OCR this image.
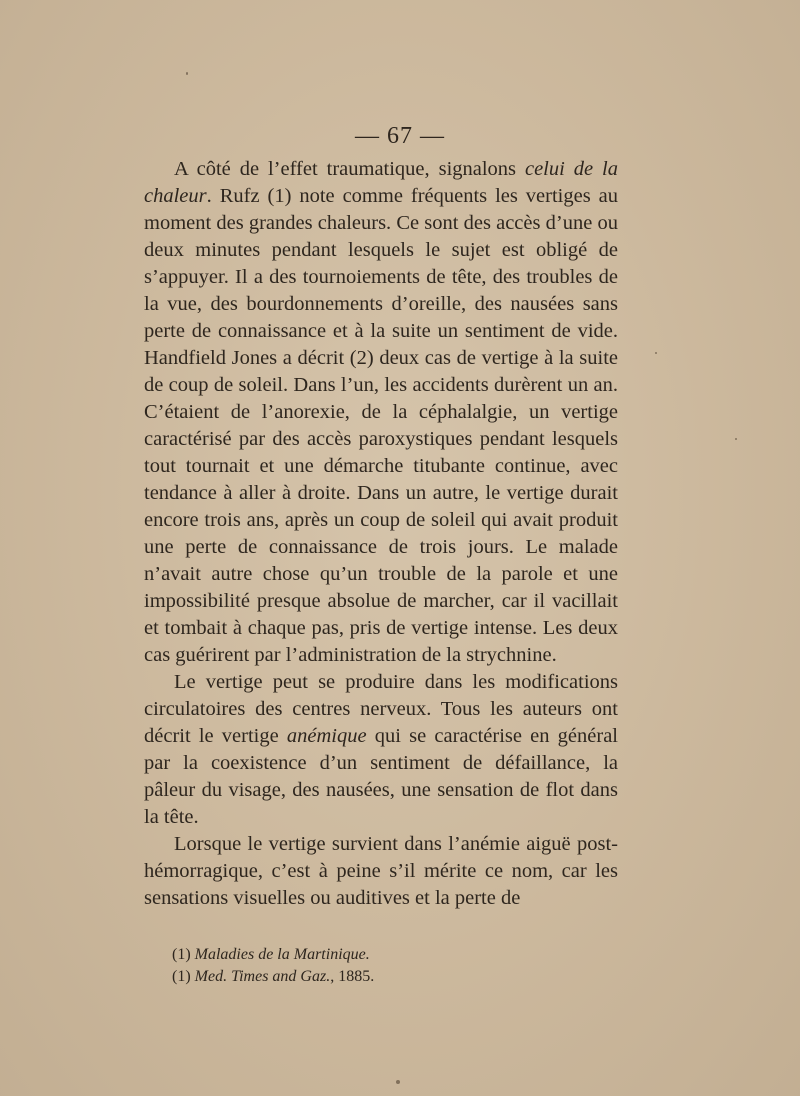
— 67 —

A côté de l’effet traumatique, signalons celui de la chaleur. Rufz (1) note comme fréquents les vertiges au moment des grandes chaleurs. Ce sont des accès d’une ou deux minutes pendant lesquels le sujet est obligé de s’appuyer. Il a des tournoiements de tête, des troubles de la vue, des bourdonnements d’oreille, des nausées sans perte de connaissance et à la suite un sentiment de vide. Handfield Jones a décrit (2) deux cas de vertige à la suite de coup de soleil. Dans l’un, les accidents durèrent un an. C’étaient de l’anorexie, de la céphalalgie, un vertige caractérisé par des accès paroxystiques pendant lesquels tout tournait et une démarche titubante continue, avec tendance à aller à droite. Dans un autre, le vertige durait encore trois ans, après un coup de soleil qui avait produit une perte de connaissance de trois jours. Le malade n’avait autre chose qu’un trouble de la parole et une impossibilité presque absolue de marcher, car il vacillait et tombait à chaque pas, pris de vertige intense. Les deux cas guérirent par l’administration de la strychnine.

Le vertige peut se produire dans les modifications circulatoires des centres nerveux. Tous les auteurs ont décrit le vertige anémique qui se caractérise en général par la coexistence d’un sentiment de défaillance, la pâleur du visage, des nausées, une sensation de flot dans la tête.

Lorsque le vertige survient dans l’anémie aiguë post-hémorragique, c’est à peine s’il mérite ce nom, car les sensations visuelles ou auditives et la perte de

(1) Maladies de la Martinique.
(1) Med. Times and Gaz., 1885.
